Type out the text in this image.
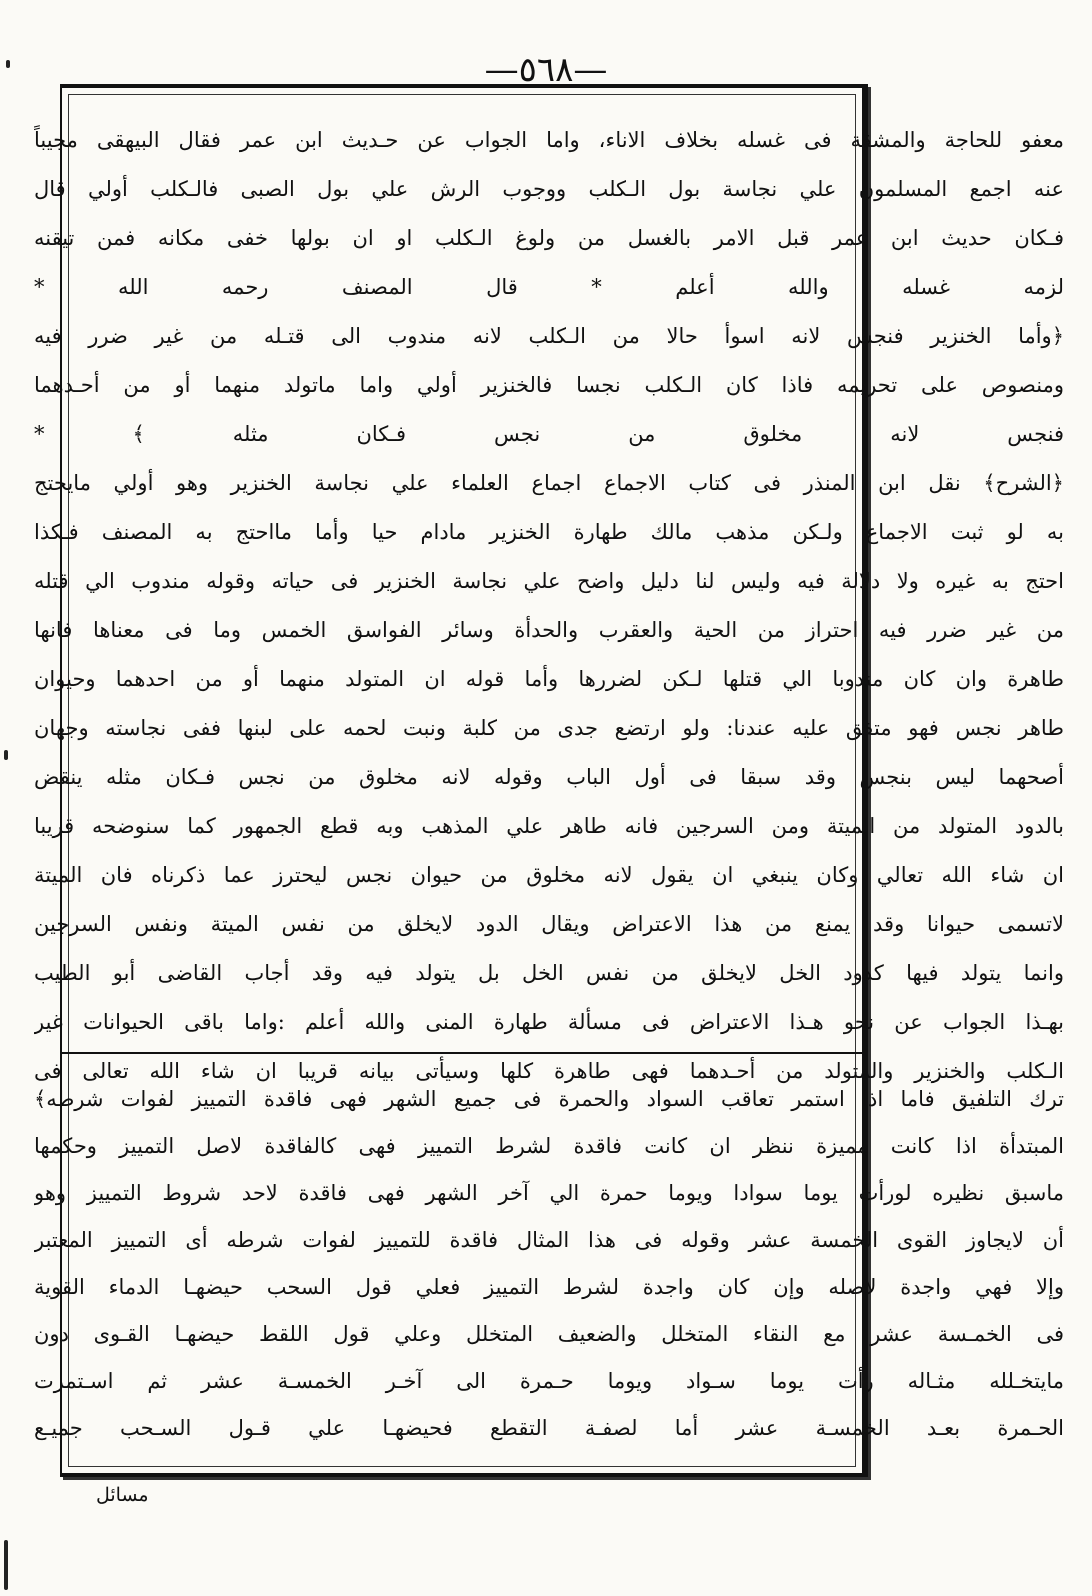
—٥٦٨—
معفو للحاجة والمشقة فى غسله بخلاف الاناء، واما الجواب عن حـديث ابن عمر فقال البيهقى مجيباً
عنه اجمع المسلمون علي نجاسة بول الـكلب ووجوب الرش علي بول الصبى فالـكلب أولي قال
فـكان حديث ابن عمر قبل الامر بالغسل من ولوغ الـكلب او ان بولها خفى مكانه فمن تيقنه
لزمه غسله والله أعلم * قال المصنف رحمه الله *
﴿وأما الخنزير فنجس لانه اسوأ حالا من الـكلب لانه مندوب الى قتـله من غير ضرر فيه
ومنصوص على تحريمه فاذا كان الـكلب نجسا فالخنزير أولي واما ماتولد منهما أو من أحـدهما
فنجس لانه مخلوق من نجس فـكان مثله ﴾ *
﴿الشرح﴾ نقل ابن المنذر فى كتاب الاجماع اجماع العلماء علي نجاسة الخنزير وهو أولي مايحتج
به لو ثبت الاجماع ولـكن مذهب مالك طهارة الخنزير مادام حيا وأما مااحتج به المصنف فـكذا
احتج به غيره ولا دلالة فيه وليس لنا دليل واضح علي نجاسة الخنزير فى حياته وقوله مندوب الي قتله
من غير ضرر فيه احتراز من الحية والعقرب والحدأة وسائر الفواسق الخمس وما فى معناها فانها
طاهرة وان كان مندوبا الي قتلها لـكن لضررها وأما قوله ان المتولد منهما أو من احدهما وحيوان
طاهر نجس فهو متفق عليه عندنا: ولو ارتضع جدى من كلبة ونبت لحمه على لبنها ففى نجاسته وجهان
أصحهما ليس بنجس وقد سبقا فى أول الباب وقوله لانه مخلوق من نجس فـكان مثله ينقض
بالدود المتولد من الميتة ومن السرجين فانه طاهر علي المذهب وبه قطع الجمهور كما سنوضحه قريبا
ان شاء الله تعالي وكان ينبغي ان يقول لانه مخلوق من حيوان نجس ليحترز عما ذكرناه فان الميتة
لاتسمى حيوانا وقد يمنع من هذا الاعتراض ويقال الدود لايخلق من نفس الميتة ونفس السرجين
وانما يتولد فيها كدود الخل لايخلق من نفس الخل بل يتولد فيه وقد أجاب القاضى أبو الطيب
بهـذا الجواب عن نحو هـذا الاعتراض فى مسألة طهارة المنى والله أعلم :واما باقى الحيوانات غير
الـكلب والخنزير والمتولد من أحـدهما فهى طاهرة كلها وسيأتى بيانه قريبا ان شاء الله تعالى فى
ترك التلفيق فاما اذا استمر تعاقب السواد والحمرة فى جميع الشهر فهى فاقدة التمييز لفوات شرطه﴾
المبتدأة اذا كانت مميزة ننظر ان كانت فاقدة لشرط التمييز فهى كالفاقدة لاصل التمييز وحكمها
ماسبق نظيره لورأت يوما سوادا ويوما حمرة الي آخر الشهر فهى فاقدة لاحد شروط التمييز وهو
أن لايجاوز القوى الخمسة عشر وقوله فى هذا المثال فاقدة للتمييز لفوات شرطه أى التمييز المعتبر
وإلا فهي واجدة لاصله وإن كان واجدة لشرط التمييز فعلي قول السحب حيضهـا الدماء القوية
فى الخمـسة عشر مع النقاء المتخلل والضعيف المتخلل وعلي قول اللقط حيضهـا القـوى دون
مايتخـلله مثـاله رأت يوما سـواد ويوما حـمرة الى آخـر الخمسـة عشر ثم اسـتمرت
الحـمرة بعـد الخمسـة عشر أما لصفـة التقطع فحيضهـا علي قـول السـحب جميـع
مسائل
